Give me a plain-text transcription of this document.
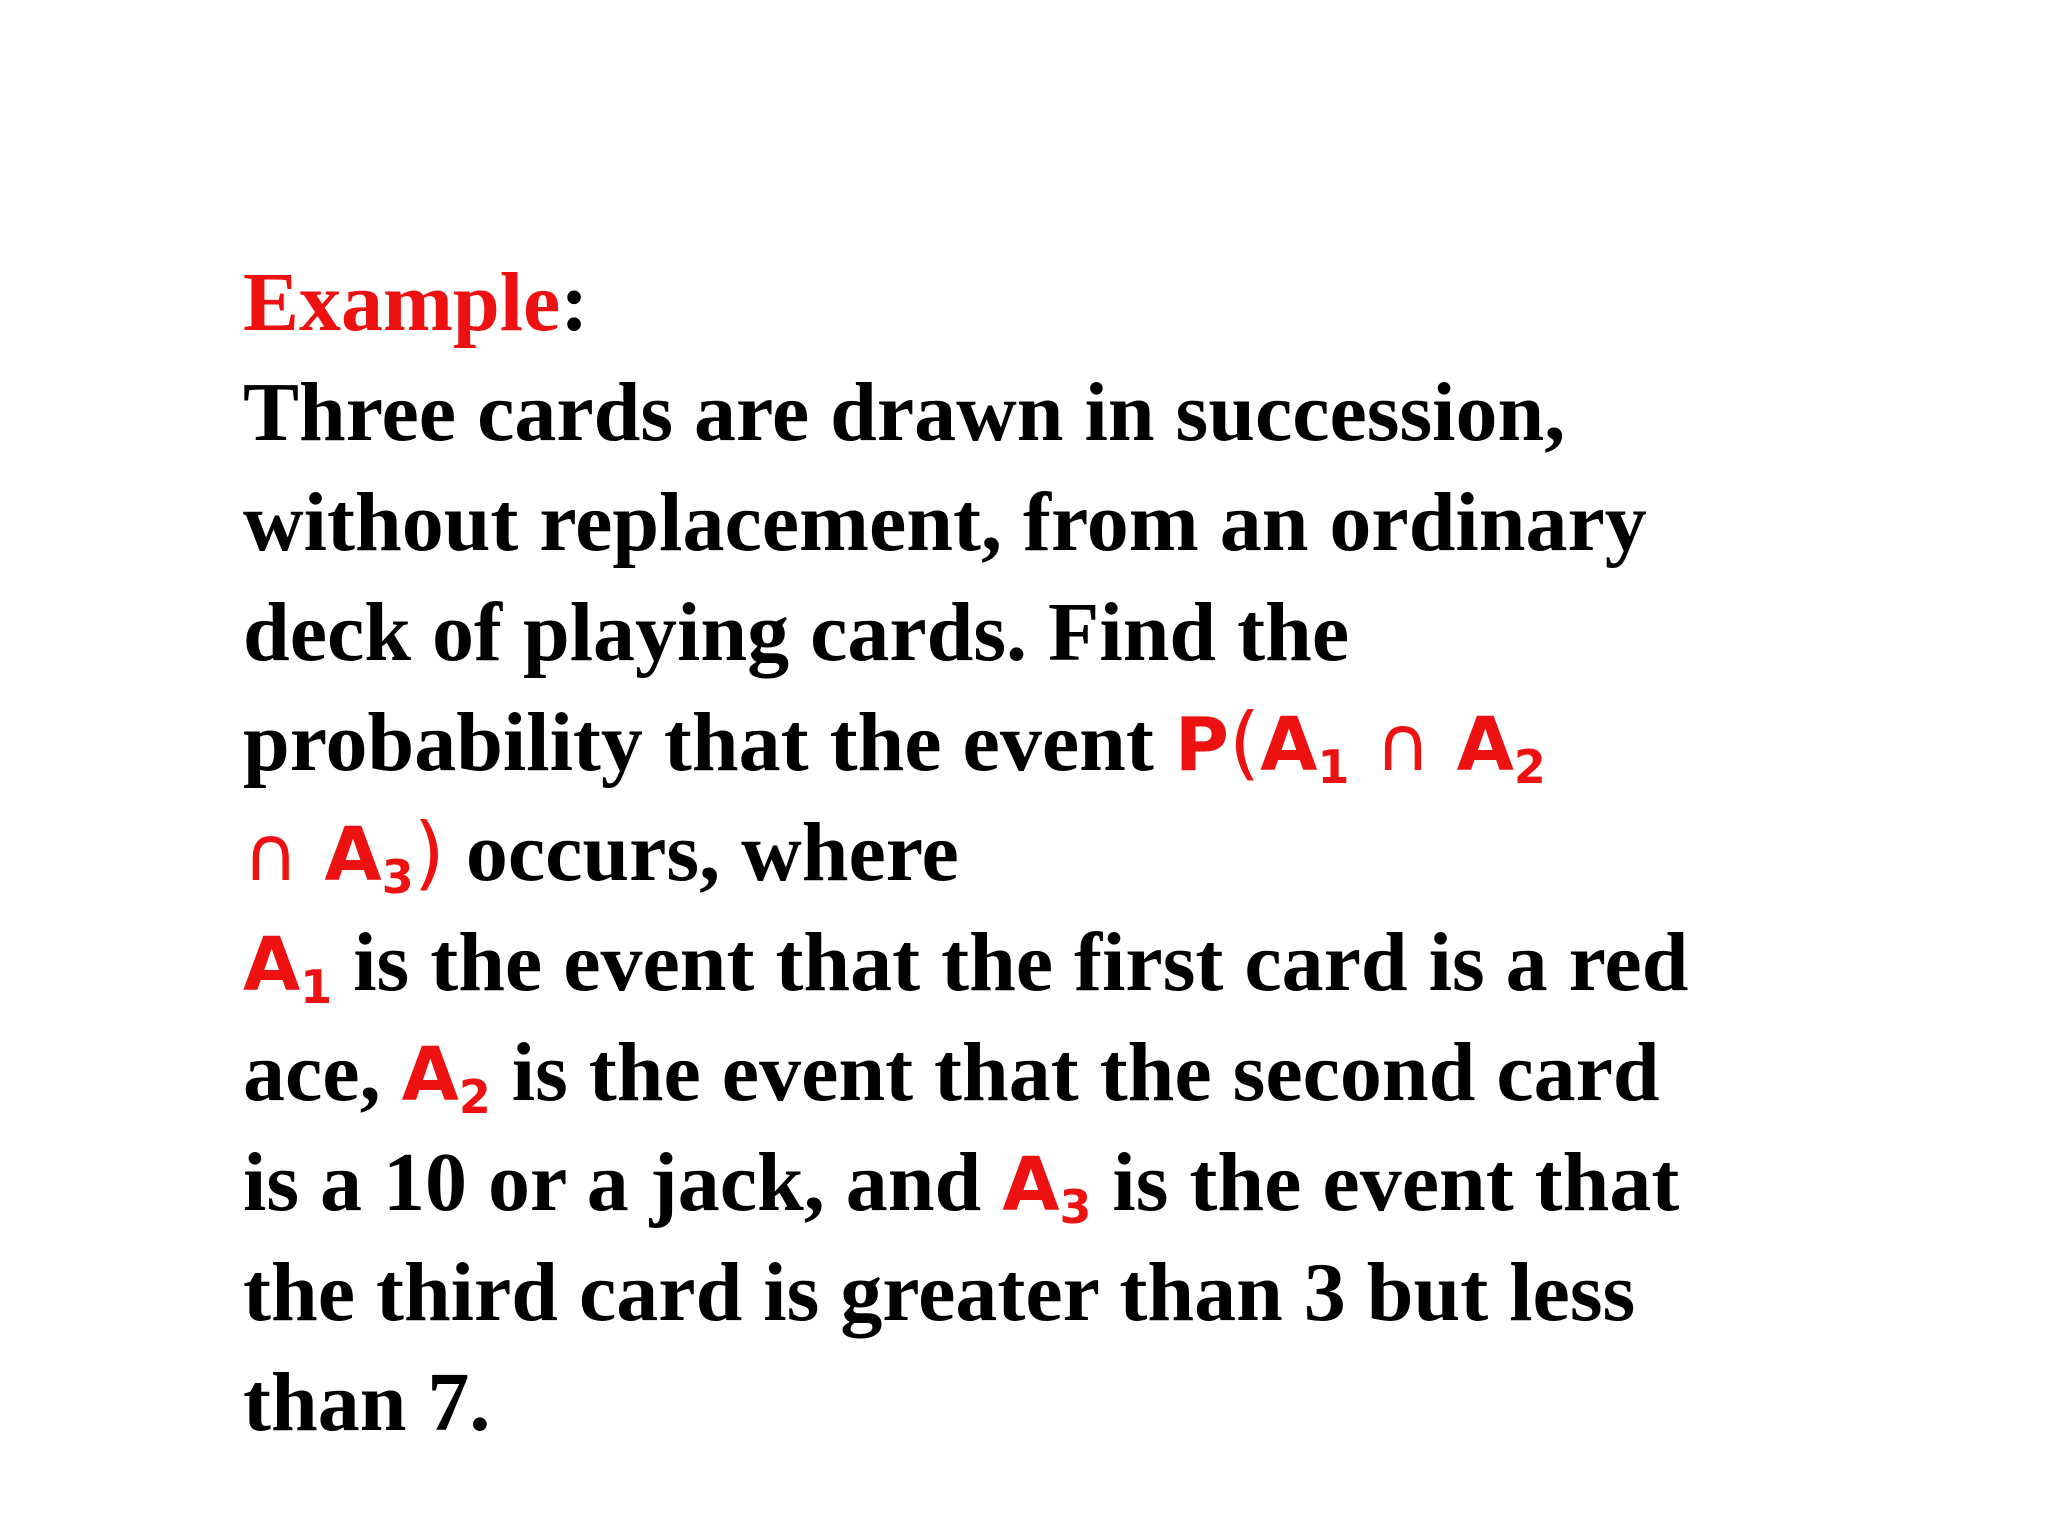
Example:
Three cards are drawn in succession,
without replacement, from an ordinary
deck of playing cards. Find the
probability that the event $P(A_1$ ∩ $A_2$
∩ $A_3$) occurs, where
$A_1$ is the event that the first card is a red
ace, $A_2$ is the event that the second card
is a 10 or a jack, and $A_3$ is the event that
the third card is greater than 3 but less
than 7.
